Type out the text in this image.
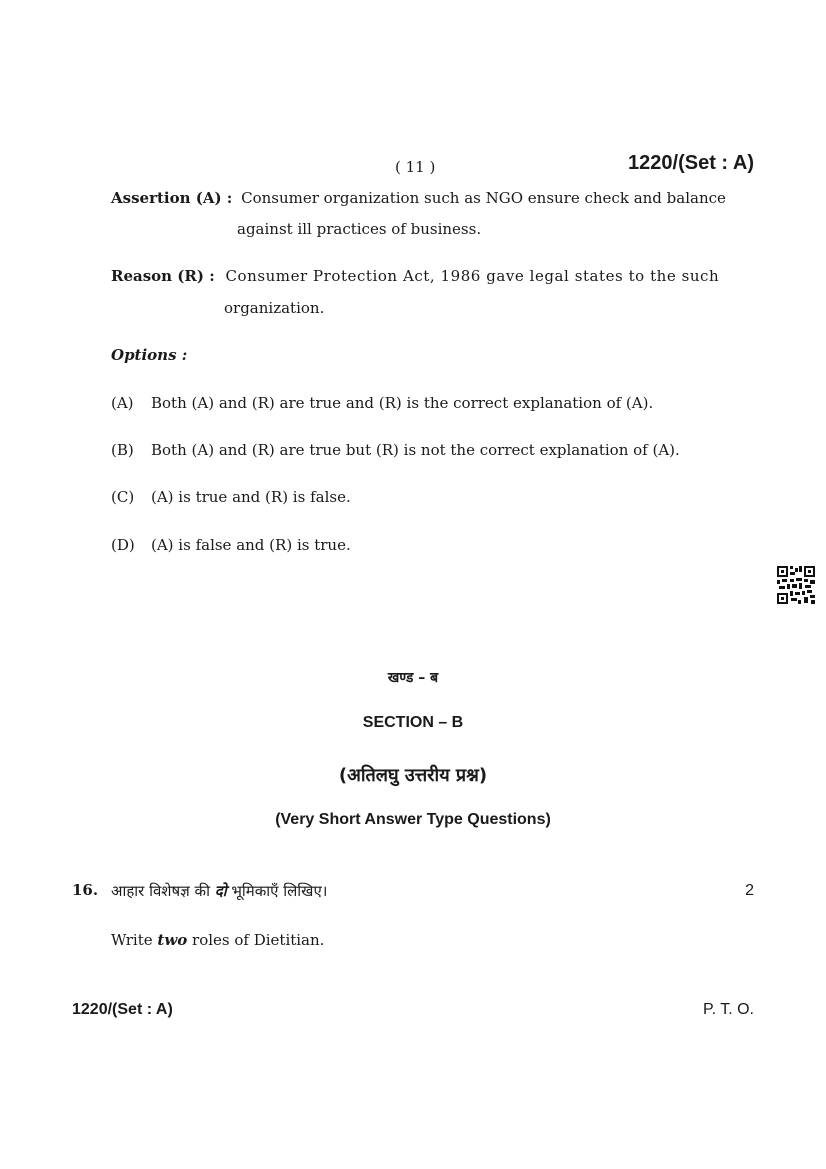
( 11 )	1220/(Set : A)
Assertion (A) : Consumer organization such as NGO ensure check and balance
against ill practices of business.
Reason (R) : Consumer Protection Act, 1986 gave legal states to the such
organization.
Options :
(A) Both (A) and (R) are true and (R) is the correct explanation of (A).
(B) Both (A) and (R) are true but (R) is not the correct explanation of (A).
(C) (A) is true and (R) is false.
(D) (A) is false and (R) is true.
खण्ड – ब
SECTION – B
(अतिलघु उत्तरीय प्रश्न)
(Very Short Answer Type Questions)
16. आहार विशेषज्ञ की दो भूमिकाएँ लिखिए।	2
Write two roles of Dietitian.
1220/(Set : A)	P. T. O.
